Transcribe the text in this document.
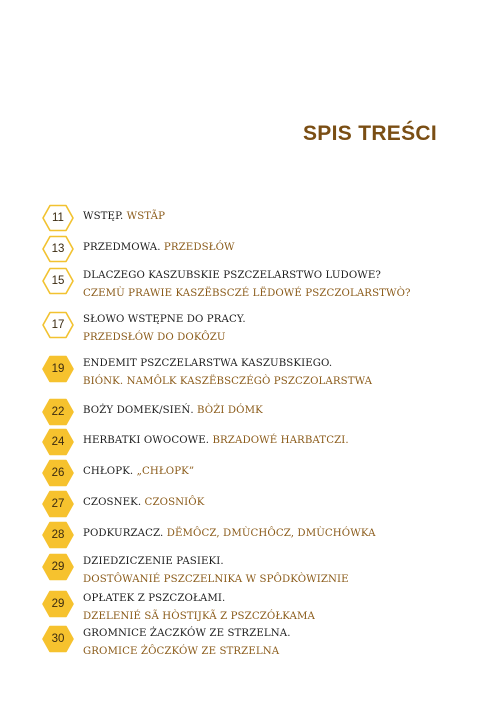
SPIS TREŚCI
11	WSTĘP. WSTÃP
13	PRZEDMOWA. PRZEDSŁÓW
15	DLACZEGO KASZUBSKIE PSZCZELARSTWO LUDOWE?
CZEMÙ PRAWIE KASZËBSCZÉ LËDOWÉ PSZCZOLARSTWÒ?
17	SŁOWO WSTĘPNE DO PRACY.
PRZEDSŁÓW DO DOKÔZU
19	ENDEMIT PSZCZELARSTWA KASZUBSKIEGO.
BIÓNK. NAMÔLK KASZËBSCZÉGÒ PSZCZOLARSTWA
22	BOŻY DOMEK/SIEŃ. BÒŻI DÓMK
24	HERBATKI OWOCOWE. BRZADOWÉ HARBATCZI.
26	CHŁOPK. „CHŁOPK”
27	CZOSNEK. CZOSNIÔK
28	PODKURZACZ. DËMÔCZ, DMÙCHÔCZ, DMÙCHÓWKA
29	DZIEDZICZENIE PASIEKI.
DOSTÔWANIÉ PSZCZELNIKA W SPÔDKÒWIZNIE
29	OPŁATEK Z PSZCZOŁAMI.
DZELENIÉ SÃ HÒSTIJKÃ Z PSZCZÓŁKAMA
30	GROMNICE ŻACZKÓW ZE STRZELNA.
GROMICE ŻÔCZKÓW ZE STRZELNA
